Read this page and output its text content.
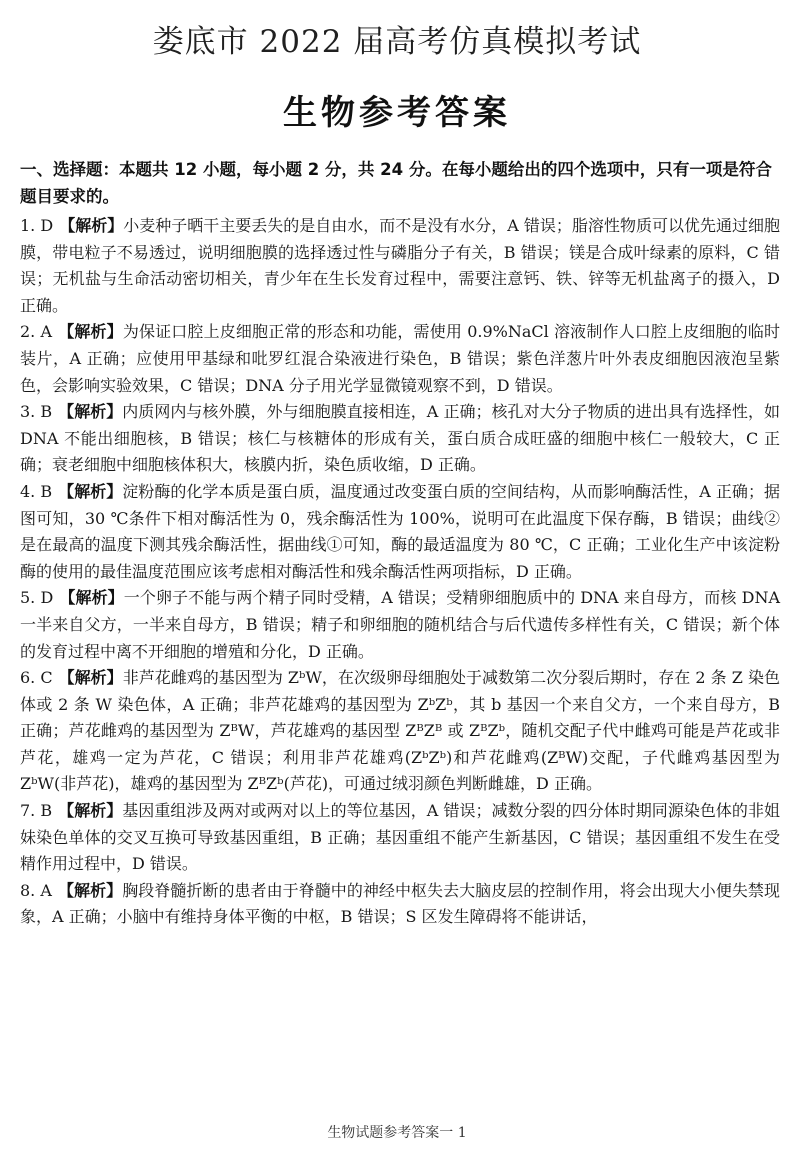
娄底市 2022 届高考仿真模拟考试
生物参考答案
一、选择题：本题共 12 小题，每小题 2 分，共 24 分。在每小题给出的四个选项中，只有一项是符合题目要求的。

1. D 【解析】小麦种子晒干主要丢失的是自由水，而不是没有水分，A 错误；脂溶性物质可以优先通过细胞膜，带电粒子不易透过，说明细胞膜的选择透过性与磷脂分子有关，B 错误；镁是合成叶绿素的原料，C 错误；无机盐与生命活动密切相关，青少年在生长发育过程中，需要注意钙、铁、锌等无机盐离子的摄入，D 正确。

2. A 【解析】为保证口腔上皮细胞正常的形态和功能，需使用 0.9%NaCl 溶液制作人口腔上皮细胞的临时装片，A 正确；应使用甲基绿和吡罗红混合染液进行染色，B 错误；紫色洋葱片叶外表皮细胞因液泡呈紫色，会影响实验效果，C 错误；DNA 分子用光学显微镜观察不到，D 错误。

3. B 【解析】内质网内与核外膜，外与细胞膜直接相连，A 正确；核孔对大分子物质的进出具有选择性，如 DNA 不能出细胞核，B 错误；核仁与核糖体的形成有关，蛋白质合成旺盛的细胞中核仁一般较大，C 正确；衰老细胞中细胞核体积大，核膜内折，染色质收缩，D 正确。

4. B 【解析】淀粉酶的化学本质是蛋白质，温度通过改变蛋白质的空间结构，从而影响酶活性，A 正确；据图可知，30 ℃条件下相对酶活性为 0，残余酶活性为 100%，说明可在此温度下保存酶，B 错误；曲线②是在最高的温度下测其残余酶活性，据曲线①可知，酶的最适温度为 80 ℃，C 正确；工业化生产中该淀粉酶的使用的最佳温度范围应该考虑相对酶活性和残余酶活性两项指标，D 正确。

5. D 【解析】一个卵子不能与两个精子同时受精，A 错误；受精卵细胞质中的 DNA 来自母方，而核 DNA 一半来自父方，一半来自母方，B 错误；精子和卵细胞的随机结合与后代遗传多样性有关，C 错误；新个体的发育过程中离不开细胞的增殖和分化，D 正确。

6. C 【解析】非芦花雌鸡的基因型为 ZᵇW，在次级卵母细胞处于减数第二次分裂后期时，存在 2 条 Z 染色体或 2 条 W 染色体，A 正确；非芦花雄鸡的基因型为 ZᵇZᵇ，其 b 基因一个来自父方，一个来自母方，B 正确；芦花雌鸡的基因型为 ZᴮW，芦花雄鸡的基因型 ZᴮZᴮ 或 ZᴮZᵇ，随机交配子代中雌鸡可能是芦花或非芦花，雄鸡一定为芦花，C 错误；利用非芦花雄鸡(ZᵇZᵇ)和芦花雌鸡(ZᴮW)交配，子代雌鸡基因型为 ZᵇW(非芦花)，雄鸡的基因型为 ZᴮZᵇ(芦花)，可通过绒羽颜色判断雌雄，D 正确。

7. B 【解析】基因重组涉及两对或两对以上的等位基因，A 错误；减数分裂的四分体时期同源染色体的非姐妹染色单体的交叉互换可导致基因重组，B 正确；基因重组不能产生新基因，C 错误；基因重组不发生在受精作用过程中，D 错误。

8. A 【解析】胸段脊髓折断的患者由于脊髓中的神经中枢失去大脑皮层的控制作用，将会出现大小便失禁现象，A 正确；小脑中有维持身体平衡的中枢，B 错误；S 区发生障碍将不能讲话，

生物试题参考答案一 1
